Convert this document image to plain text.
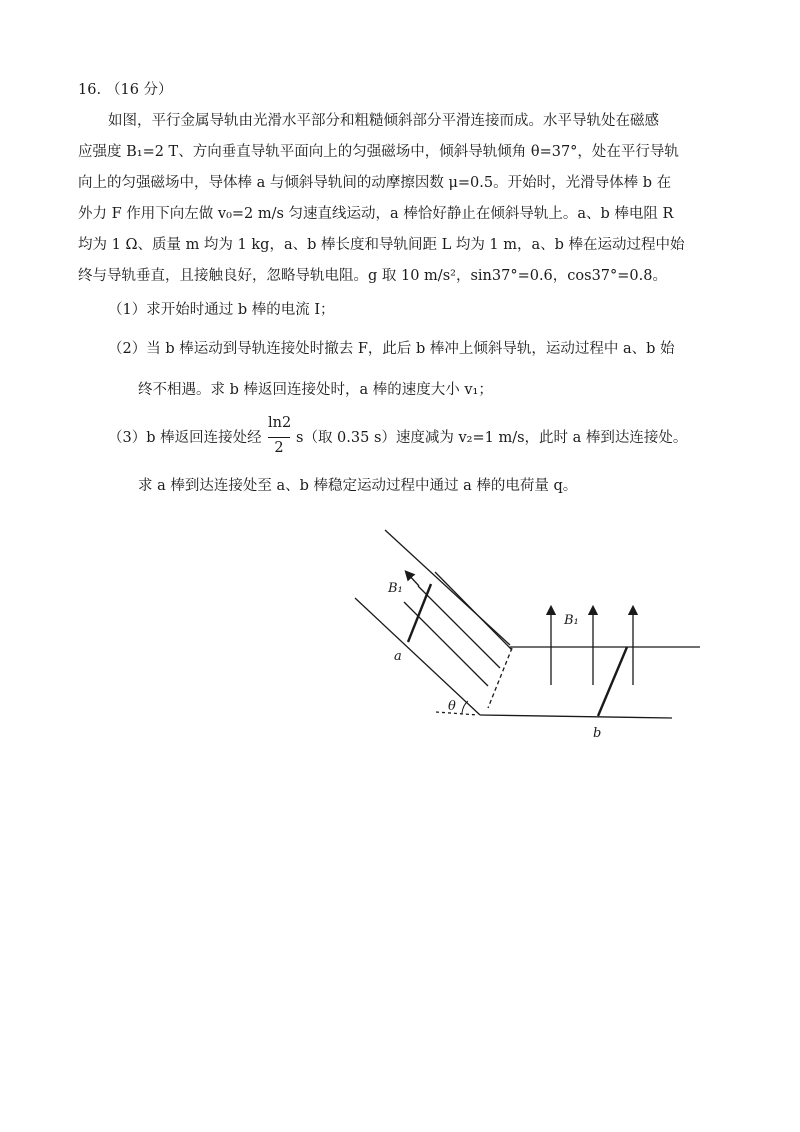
16. （16 分）
如图，平行金属导轨由光滑水平部分和粗糙倾斜部分平滑连接而成。水平导轨处在磁感
应强度 B₁=2 T、方向垂直导轨平面向上的匀强磁场中，倾斜导轨倾角 θ=37°，处在平行导轨
向上的匀强磁场中，导体棒 a 与倾斜导轨间的动摩擦因数 μ=0.5。开始时，光滑导体棒 b 在
外力 F 作用下向左做 v₀=2 m/s 匀速直线运动，a 棒恰好静止在倾斜导轨上。a、b 棒电阻 R
均为 1 Ω、质量 m 均为 1 kg，a、b 棒长度和导轨间距 L 均为 1 m，a、b 棒在运动过程中始
终与导轨垂直，且接触良好，忽略导轨电阻。g 取 10 m/s²，sin37°=0.6，cos37°=0.8。
（1）求开始时通过 b 棒的电流 I；
（2）当 b 棒运动到导轨连接处时撤去 F，此后 b 棒冲上倾斜导轨，运动过程中 a、b 始
终不相遇。求 b 棒返回连接处时，a 棒的速度大小 v₁；
（3）b 棒返回连接处经
ln2
2
s（取 0.35 s）速度减为 v₂=1 m/s，此时 a 棒到达连接处。
求 a 棒到达连接处至 a、b 棒稳定运动过程中通过 a 棒的电荷量 q。
B₁
B₁
a
b
θ
